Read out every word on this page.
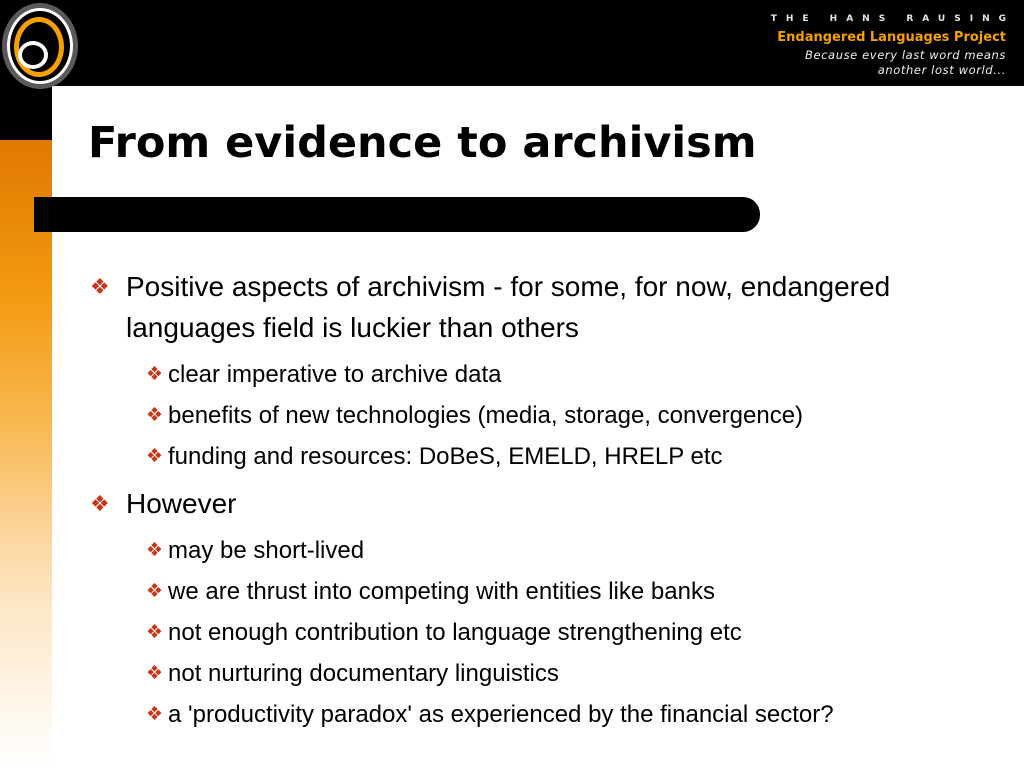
THE HANS RAUSING
Endangered Languages Project
Because every last word means
another lost world...
From evidence to archivism
❖ Positive aspects of archivism - for some, for now, endangered languages field is luckier than others
❖ clear imperative to archive data
❖ benefits of new technologies (media, storage, convergence)
❖ funding and resources: DoBeS, EMELD, HRELP etc
❖ However
❖ may be short-lived
❖ we are thrust into competing with entities like banks
❖ not enough contribution to language strengthening etc
❖ not nurturing documentary linguistics
❖ a 'productivity paradox' as experienced by the financial sector?
